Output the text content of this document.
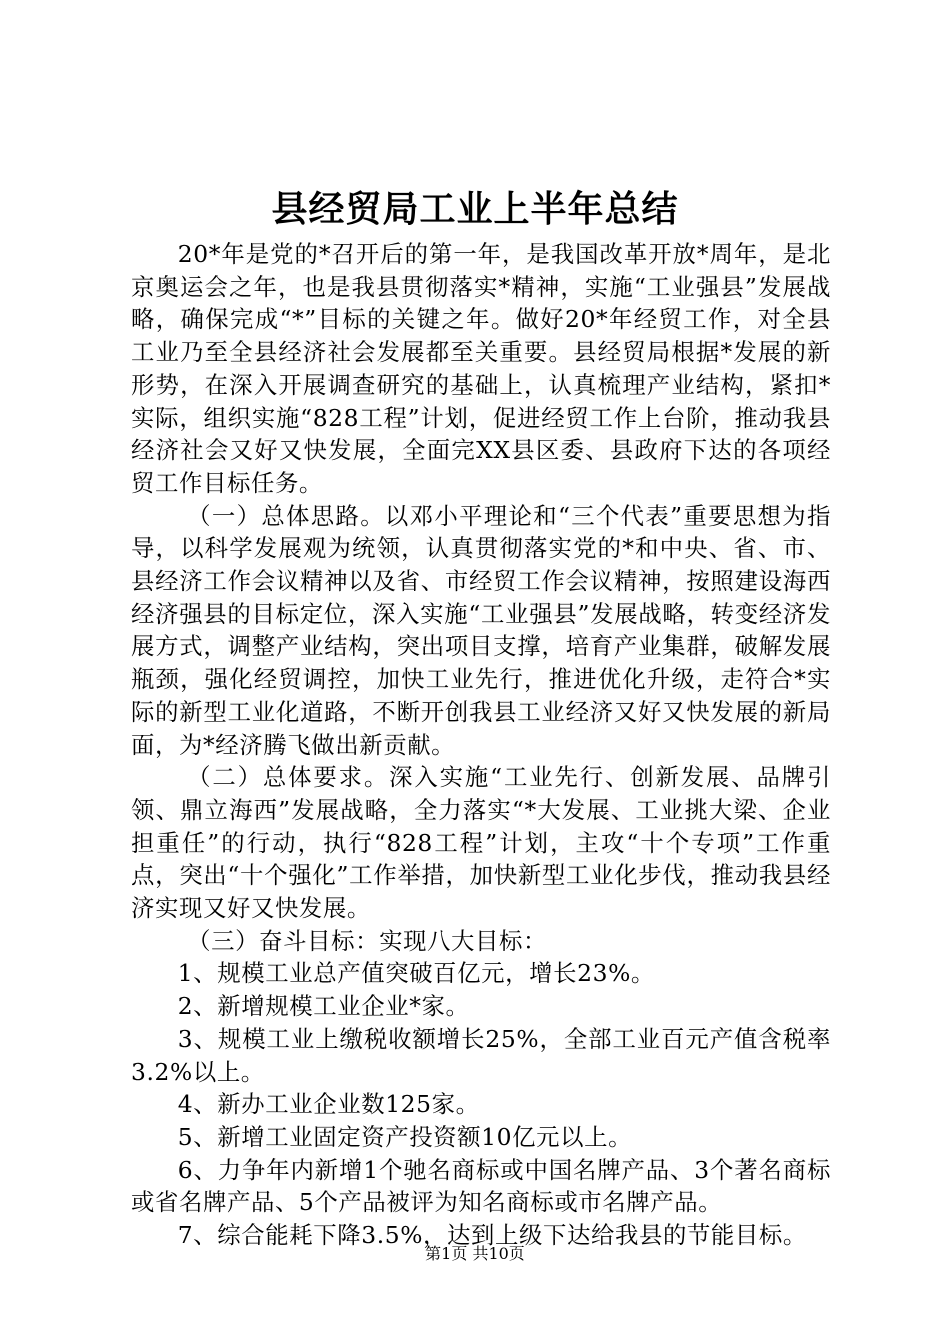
县经贸局工业上半年总结

20*年是党的*召开后的第一年，是我国改革开放*周年，是北京奥运会之年，也是我县贯彻落实*精神，实施“工业强县”发展战略，确保完成“*”目标的关键之年。做好20*年经贸工作，对全县工业乃至全县经济社会发展都至关重要。县经贸局根据*发展的新形势，在深入开展调查研究的基础上，认真梳理产业结构，紧扣*实际，组织实施“828工程”计划，促进经贸工作上台阶，推动我县经济社会又好又快发展，全面完XX县区委、县政府下达的各项经贸工作目标任务。

（一）总体思路。以邓小平理论和“三个代表”重要思想为指导，以科学发展观为统领，认真贯彻落实党的*和中央、省、市、县经济工作会议精神以及省、市经贸工作会议精神，按照建设海西经济强县的目标定位，深入实施“工业强县”发展战略，转变经济发展方式，调整产业结构，突出项目支撑，培育产业集群，破解发展瓶颈，强化经贸调控，加快工业先行，推进优化升级，走符合*实际的新型工业化道路，不断开创我县工业经济又好又快发展的新局面，为*经济腾飞做出新贡献。

（二）总体要求。深入实施“工业先行、创新发展、品牌引领、鼎立海西”发展战略，全力落实“*大发展、工业挑大梁、企业担重任”的行动，执行“828工程”计划，主攻“十个专项”工作重点，突出“十个强化”工作举措，加快新型工业化步伐，推动我县经济实现又好又快发展。

（三）奋斗目标：实现八大目标：

1、规模工业总产值突破百亿元，增长23%。

2、新增规模工业企业*家。

3、规模工业上缴税收额增长25%，全部工业百元产值含税率3.2%以上。

4、新办工业企业数125家。

5、新增工业固定资产投资额10亿元以上。

6、力争年内新增1个驰名商标或中国名牌产品、3个著名商标或省名牌产品、5个产品被评为知名商标或市名牌产品。

7、综合能耗下降3.5%，达到上级下达给我县的节能目标。

第1页 共10页
